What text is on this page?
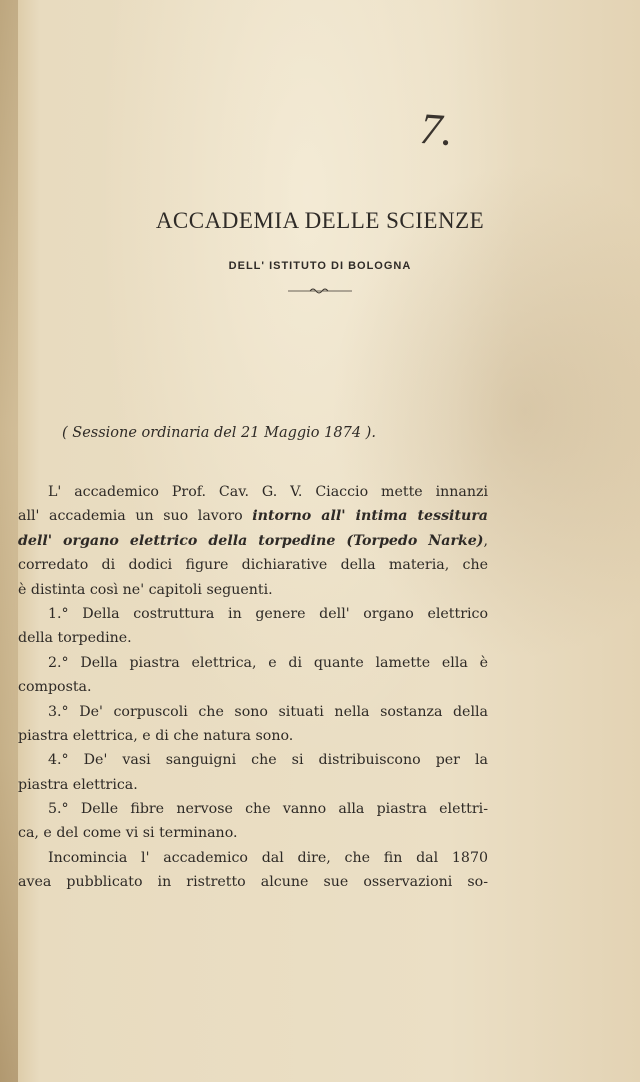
7.
ACCADEMIA DELLE SCIENZE
DELL' ISTITUTO DI BOLOGNA
( Sessione ordinaria del 21 Maggio 1874 ).
L' accademico Prof. Cav. G. V. Ciaccio mette innanzi
all' accademia un suo lavoro intorno all' intima tessitura
dell' organo elettrico della torpedine (Torpedo Narke),
corredato di dodici figure dichiarative della materia, che
è distinta così ne' capitoli seguenti.
1.° Della costruttura in genere dell' organo elettrico
della torpedine.
2.° Della piastra elettrica, e di quante lamette ella è
composta.
3.° De' corpuscoli che sono situati nella sostanza della
piastra elettrica, e di che natura sono.
4.° De' vasi sanguigni che si distribuiscono per la
piastra elettrica.
5.° Delle fibre nervose che vanno alla piastra elettri-
ca, e del come vi si terminano.
Incomincia l' accademico dal dire, che fin dal 1870
avea pubblicato in ristretto alcune sue osservazioni so-
